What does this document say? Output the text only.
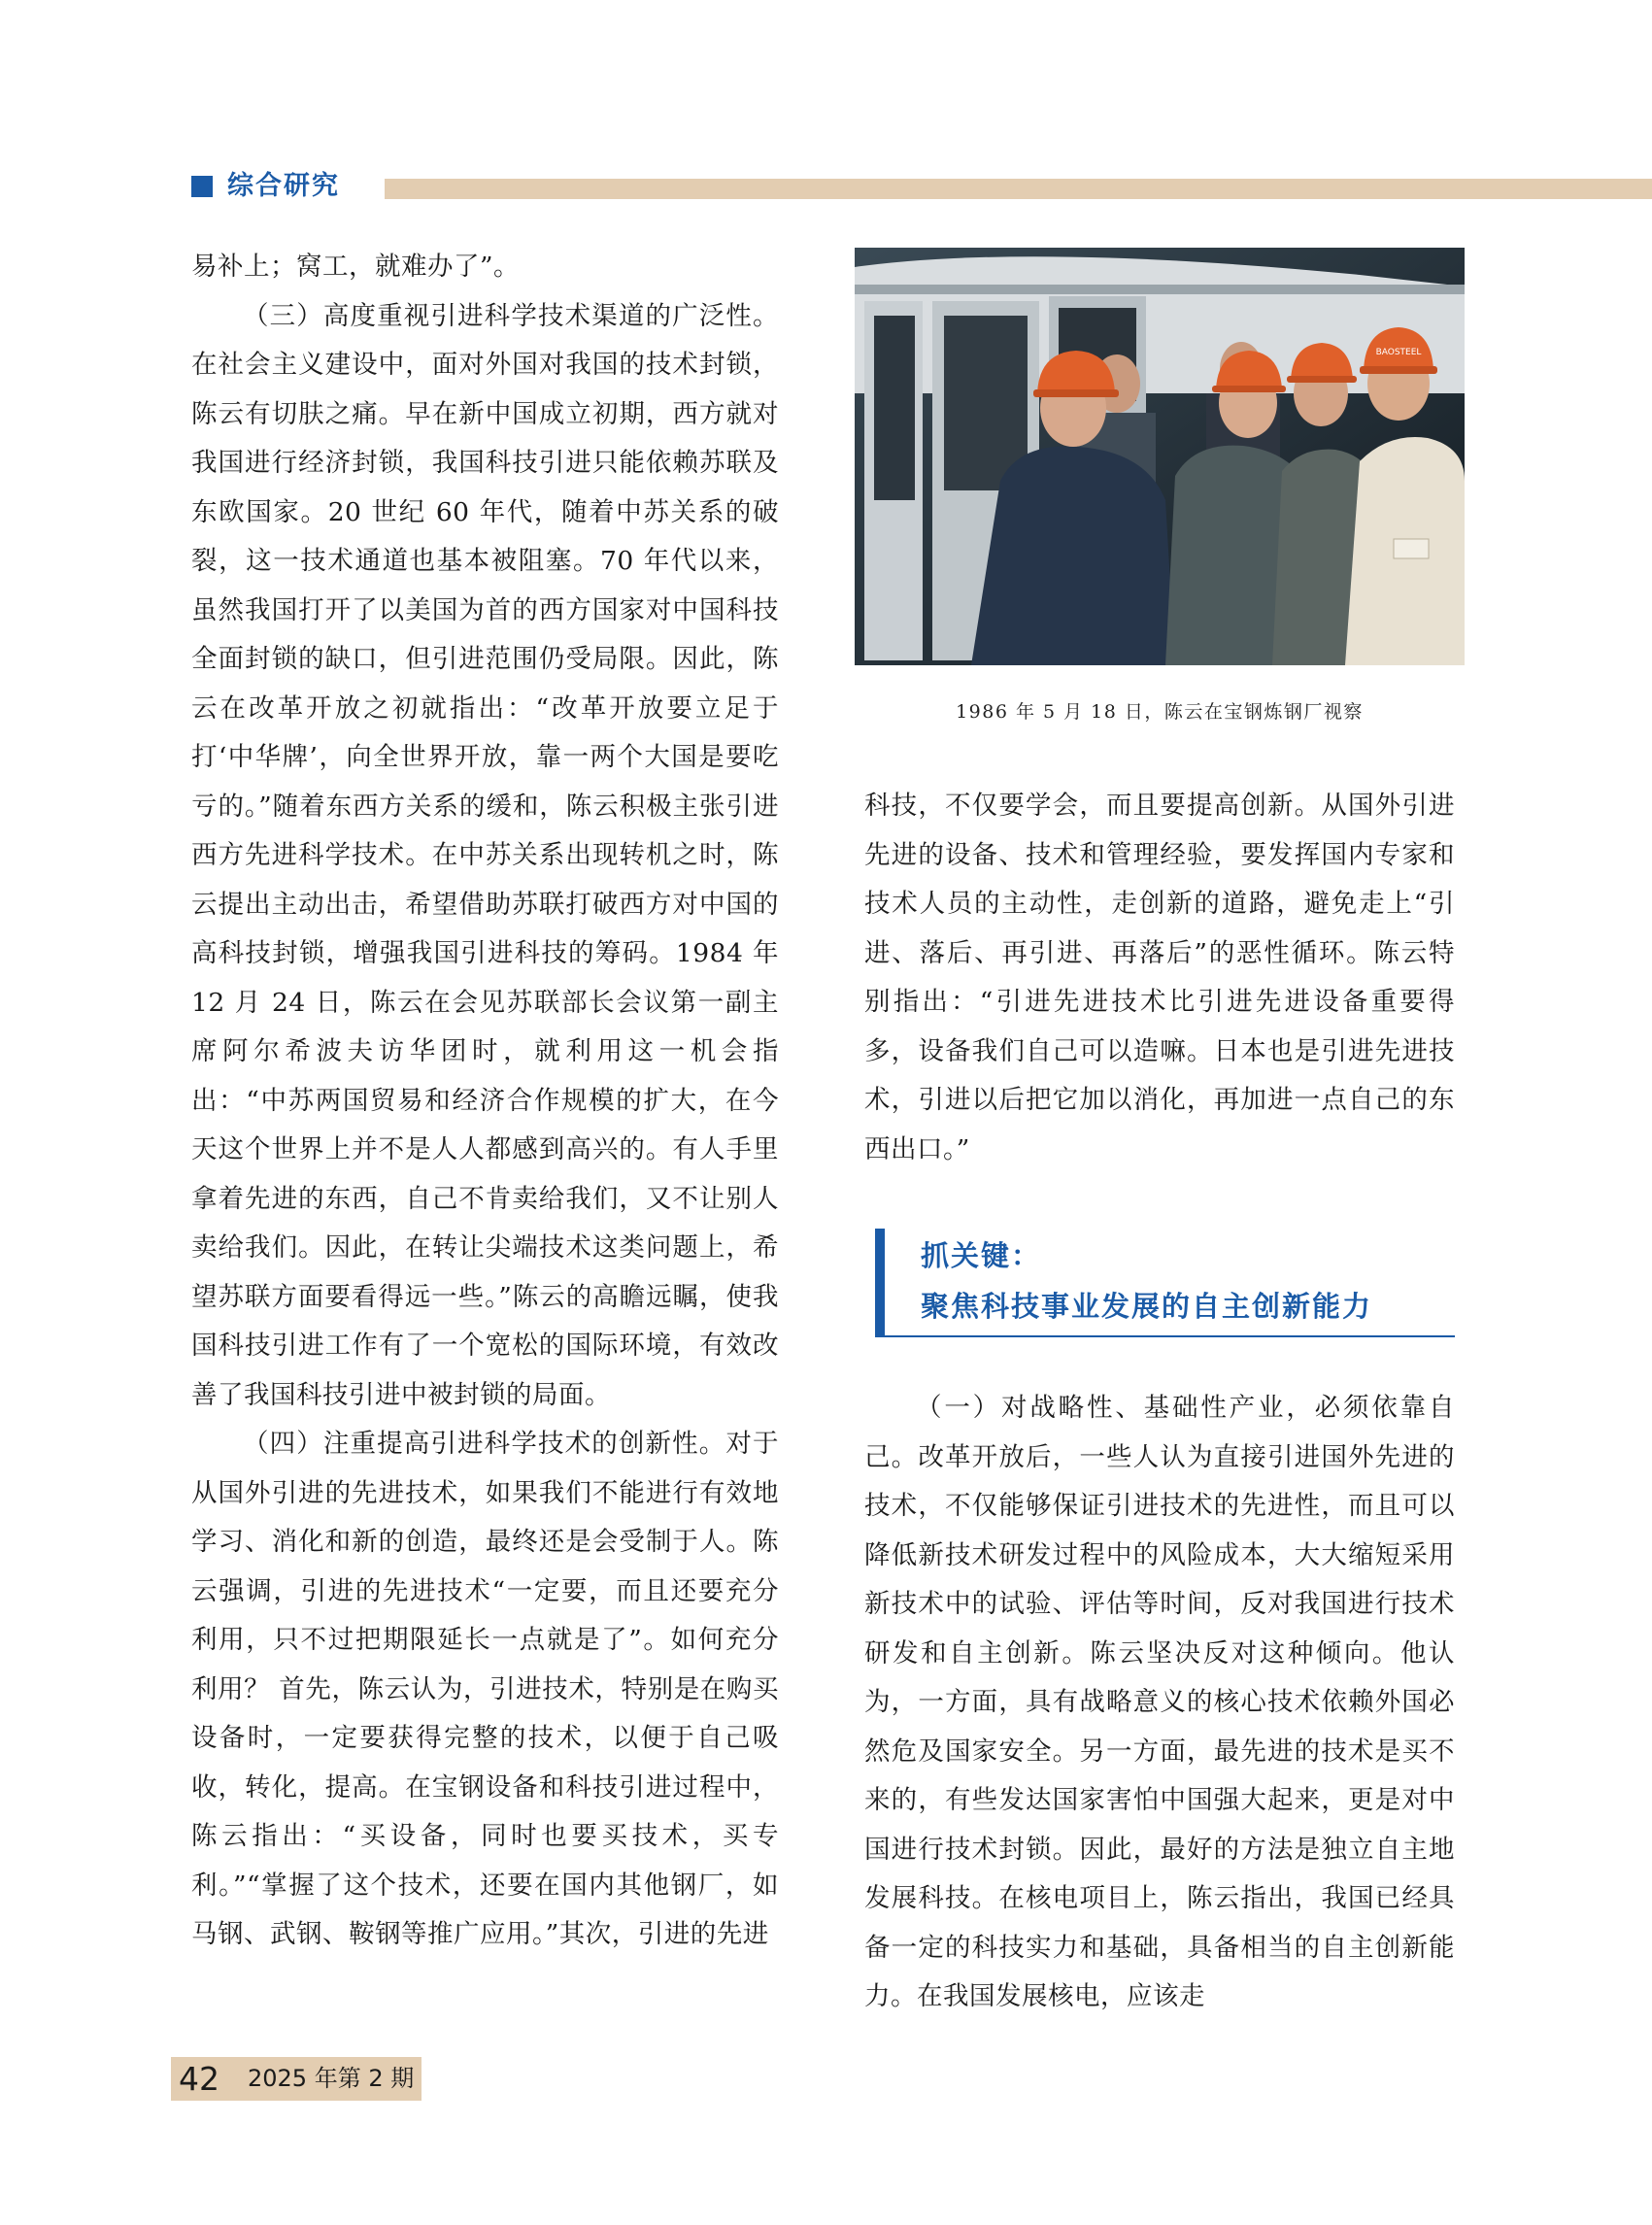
综合研究

易补上；窝工，就难办了”。

（三）高度重视引进科学技术渠道的广泛性。在社会主义建设中，面对外国对我国的技术封锁，陈云有切肤之痛。早在新中国成立初期，西方就对我国进行经济封锁，我国科技引进只能依赖苏联及东欧国家。20 世纪 60 年代，随着中苏关系的破裂，这一技术通道也基本被阻塞。70 年代以来，虽然我国打开了以美国为首的西方国家对中国科技全面封锁的缺口，但引进范围仍受局限。因此，陈云在改革开放之初就指出：“改革开放要立足于打‘中华牌’，向全世界开放，靠一两个大国是要吃亏的。”随着东西方关系的缓和，陈云积极主张引进西方先进科学技术。在中苏关系出现转机之时，陈云提出主动出击，希望借助苏联打破西方对中国的高科技封锁，增强我国引进科技的筹码。1984 年 12 月 24 日，陈云在会见苏联部长会议第一副主席阿尔希波夫访华团时，就利用这一机会指出：“中苏两国贸易和经济合作规模的扩大，在今天这个世界上并不是人人都感到高兴的。有人手里拿着先进的东西，自己不肯卖给我们，又不让别人卖给我们。因此，在转让尖端技术这类问题上，希望苏联方面要看得远一些。”陈云的高瞻远瞩，使我国科技引进工作有了一个宽松的国际环境，有效改善了我国科技引进中被封锁的局面。

（四）注重提高引进科学技术的创新性。对于从国外引进的先进技术，如果我们不能进行有效地学习、消化和新的创造，最终还是会受制于人。陈云强调，引进的先进技术“一定要，而且还要充分利用，只不过把期限延长一点就是了”。如何充分利用？ 首先，陈云认为，引进技术，特别是在购买设备时，一定要获得完整的技术，以便于自己吸收，转化，提高。在宝钢设备和科技引进过程中，陈云指出：“买设备，同时也要买技术，买专利。”“掌握了这个技术，还要在国内其他钢厂，如马钢、武钢、鞍钢等推广应用。”其次，引进的先进

BAOSTEEL
1986 年 5 月 18 日，陈云在宝钢炼钢厂视察

科技，不仅要学会，而且要提高创新。从国外引进先进的设备、技术和管理经验，要发挥国内专家和技术人员的主动性，走创新的道路，避免走上“引进、落后、再引进、再落后”的恶性循环。陈云特别指出：“引进先进技术比引进先进设备重要得多，设备我们自己可以造嘛。日本也是引进先进技术，引进以后把它加以消化，再加进一点自己的东西出口。”

抓关键：
聚焦科技事业发展的自主创新能力

（一）对战略性、基础性产业，必须依靠自己。改革开放后，一些人认为直接引进国外先进的技术，不仅能够保证引进技术的先进性，而且可以降低新技术研发过程中的风险成本，大大缩短采用新技术中的试验、评估等时间，反对我国进行技术研发和自主创新。陈云坚决反对这种倾向。他认为，一方面，具有战略意义的核心技术依赖外国必然危及国家安全。另一方面，最先进的技术是买不来的，有些发达国家害怕中国强大起来，更是对中国进行技术封锁。因此，最好的方法是独立自主地发展科技。在核电项目上，陈云指出，我国已经具备一定的科技实力和基础，具备相当的自主创新能力。在我国发展核电，应该走

42 2025 年第 2 期
